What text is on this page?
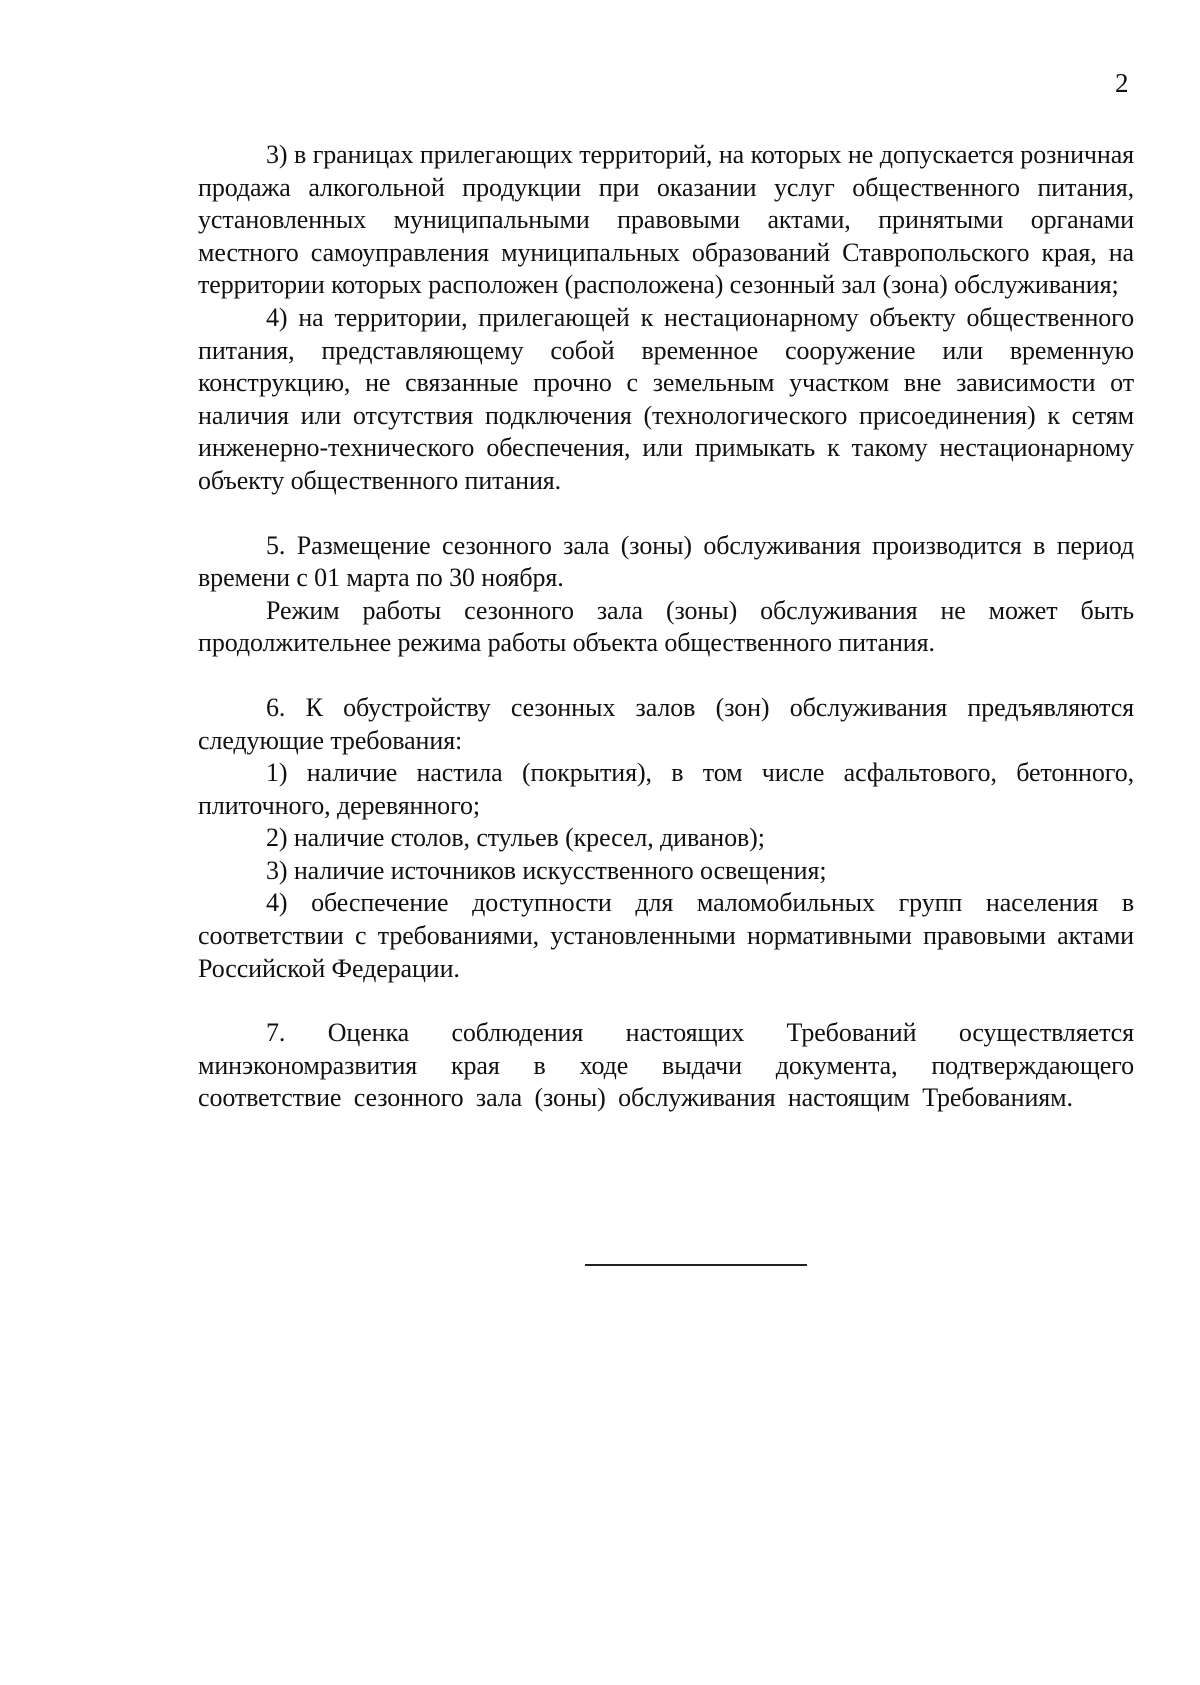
2

3) в границах прилегающих территорий, на которых не допускается розничная продажа алкогольной продукции при оказании услуг общественного питания, установленных муниципальными правовыми актами, принятыми органами местного самоуправления муниципальных образований Ставропольского края, на территории которых расположен (расположена) сезонный зал (зона) обслуживания;

4) на территории, прилегающей к нестационарному объекту общественного питания, представляющему собой временное сооружение или временную конструкцию, не связанные прочно с земельным участком вне зависимости от наличия или отсутствия подключения (технологического присоединения) к сетям инженерно-технического обеспечения, или примыкать к такому нестационарному объекту общественного питания.

5. Размещение сезонного зала (зоны) обслуживания производится в период времени с 01 марта по 30 ноября.

Режим работы сезонного зала (зоны) обслуживания не может быть продолжительнее режима работы объекта общественного питания.

6. К обустройству сезонных залов (зон) обслуживания предъявляются следующие требования:

1) наличие настила (покрытия), в том числе асфальтового, бетонного, плиточного, деревянного;

2) наличие столов, стульев (кресел, диванов);

3) наличие источников искусственного освещения;

4) обеспечение доступности для маломобильных групп населения в соответствии с требованиями, установленными нормативными правовыми актами Российской Федерации.

7. Оценка соблюдения настоящих Требований осуществляется минэкономразвития края в ходе выдачи документа, подтверждающего соответствие сезонного зала (зоны) обслуживания настоящим Требованиям.
